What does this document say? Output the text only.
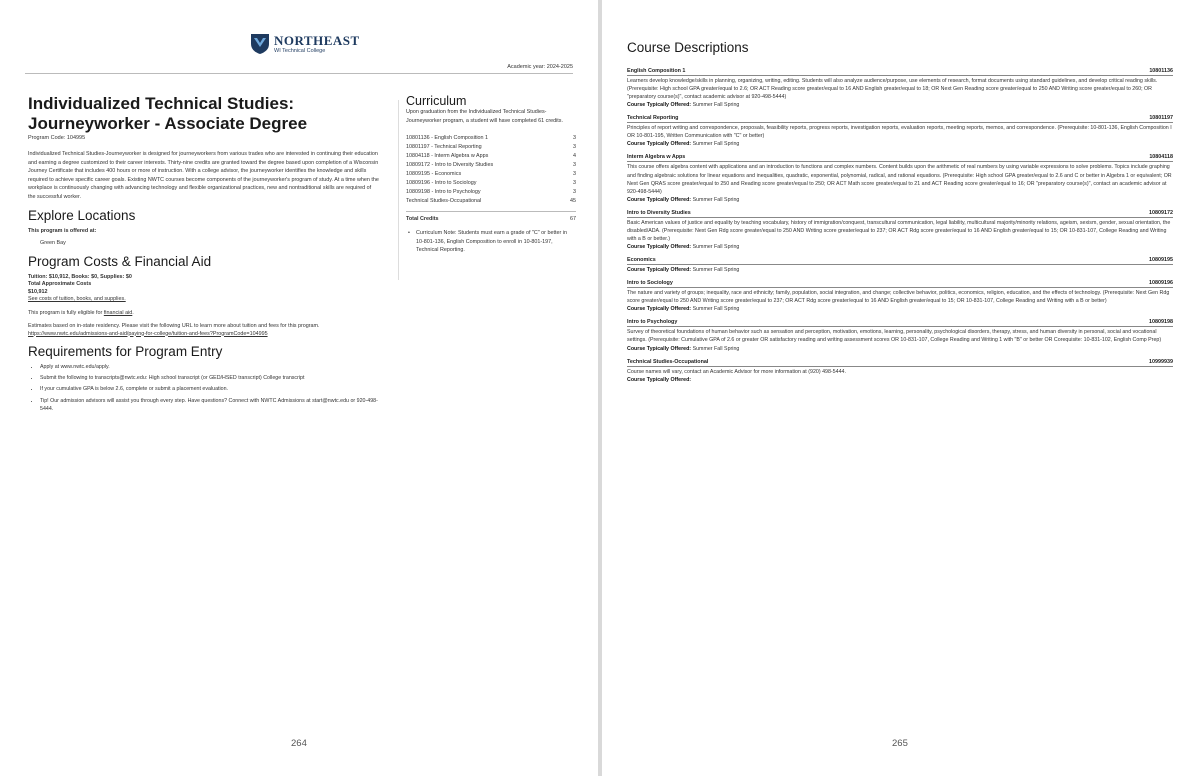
NORTHEAST
WI Technical College
Academic year: 2024-2025
Individualized Technical Studies:
Journeyworker - Associate Degree
Program Code: 104995

Individualized Technical Studies-Journeyworker is designed for journeyworkers from various trades who are interested in continuing their education and earning a degree customized to their career interests. Thirty-nine credits are granted toward the degree based upon completion of a Wisconsin Journey Certificate that includes 400 hours or more of instruction. With a college advisor, the journeyworker identifies the knowledge and skills required to achieve specific career goals. Existing NWTC courses become components of the journeyworker's program of study. At a time when the workplace is continuously changing with advancing technology and flexible organizational practices, new and nontraditional skills are required of the successful worker.

Explore Locations
This program is offered at:
Green Bay
Program Costs & Financial Aid
Tuition: $10,912, Books: $0, Supplies: $0
Total Approximate Costs
$10,912
See costs of tuition, books, and supplies.
This program is fully eligible for financial aid.
Estimates based on in-state residency. Please visit the following URL to learn more about tuition and fees for this program.
https://www.nwtc.edu/admissions-and-aid/paying-for-college/tuition-and-fees?ProgramCode=104995
Requirements for Program Entry
• Apply at www.nwtc.edu/apply.
• Submit the following to transcripts@nwtc.edu: High school transcript (or GED/HSED transcript) College transcript
• If your cumulative GPA is below 2.6, complete or submit a placement evaluation.
• Tip! Our admission advisors will assist you through every step. Have questions? Connect with NWTC Admissions at start@nwtc.edu or 920-498-5444.
Curriculum
Upon graduation from the Individualized Technical Studies-Journeyworker program, a student will have completed 61 credits.
10801136 - English Composition 1	3
10801197 - Technical Reporting	3
10804118 - Interm Algebra w Apps	4
10809172 - Intro to Diversity Studies	3
10809195 - Economics	3
10809196 - Intro to Sociology	3
10809198 - Intro to Psychology	3
Technical Studies-Occupational	45
Total Credits	67
• Curriculum Note: Students must earn a grade of "C" or better in 10-801-136, English Composition to enroll in 10-801-197, Technical Reporting.
264
Course Descriptions
English Composition 1	10801136
Learners develop knowledge/skills in planning, organizing, writing, editing. Students will also analyze audience/purpose, use elements of research, format documents using standard guidelines, and develop critical reading skills. (Prerequisite: High school GPA greater/equal to 2.6; OR ACT Reading score greater/equal to 16 AND English greater/equal to 18; OR Next Gen Reading score greater/equal to 250 AND Writing score greater/equal to 260; OR "preparatory course(s)", contact academic advisor at 920-498-5444)
Course Typically Offered: Summer Fall Spring
Technical Reporting	10801197
Principles of report writing and correspondence, proposals, feasibility reports, progress reports, investigation reports, evaluation reports, meeting reports, memos, and correspondence. (Prerequisite: 10-801-136, English Composition I OR 10-801-195, Written Communication with "C" or better)
Course Typically Offered: Summer Fall Spring
Interm Algebra w Apps	10804118
This course offers algebra content with applications and an introduction to functions and complex numbers. Content builds upon the arithmetic of real numbers by using variable expressions to solve problems. Topics include graphing and finding algebraic solutions for linear equations and inequalities, quadratic, exponential, polynomial, radical, and rational equations. (Prerequisite: High school GPA greater/equal to 2.6 and C or better in Algebra 1 or equivalent; OR Next Gen QRAS score greater/equal to 250 and Reading score greater/equal to 250; OR ACT Math score greater/equal to 21 and ACT Reading score greater/equal to 16; OR "preparatory course(s)", contact an academic advisor at 920-498-5444)
Course Typically Offered: Summer Fall Spring
Intro to Diversity Studies	10809172
Basic American values of justice and equality by teaching vocabulary, history of immigration/conquest, transcultural communication, legal liability, multicultural majority/minority relations, ageism, sexism, gender, sexual orientation, the disabled/ADA. (Prerequisite: Next Gen Rdg score greater/equal to 250 AND Writing score greater/equal to 237; OR ACT Rdg score greater/equal to 16 AND English greater/equal to 15; OR 10-831-107, College Reading and Writing with a B or better.)
Course Typically Offered: Summer Fall Spring
Economics	10809195
Course Typically Offered: Summer Fall Spring
Intro to Sociology	10809196
The nature and variety of groups; inequality, race and ethnicity; family, population, social integration, and change; collective behavior, politics, economics, religion, education, and the effects of technology. (Prerequisite: Next Gen Rdg score greater/equal to 250 AND Writing score greater/equal to 237; OR ACT Rdg score greater/equal to 16 AND English greater/equal to 15; OR 10-831-107, College Reading and Writing with a B or better)
Course Typically Offered: Summer Fall Spring
Intro to Psychology	10809198
Survey of theoretical foundations of human behavior such as sensation and perception, motivation, emotions, learning, personality, psychological disorders, therapy, stress, and human diversity in personal, social and vocational settings. (Prerequisite: Cumulative GPA of 2.6 or greater OR satisfactory reading and writing assessment scores OR 10-831-107, College Reading and Writing 1 with "B" or better OR Corequisite: 10-831-102, English Comp Prep)
Course Typically Offered: Summer Fall Spring
Technical Studies-Occupational	10999939
Course names will vary, contact an Academic Advisor for more information at (920) 498-5444.
Course Typically Offered:
265
